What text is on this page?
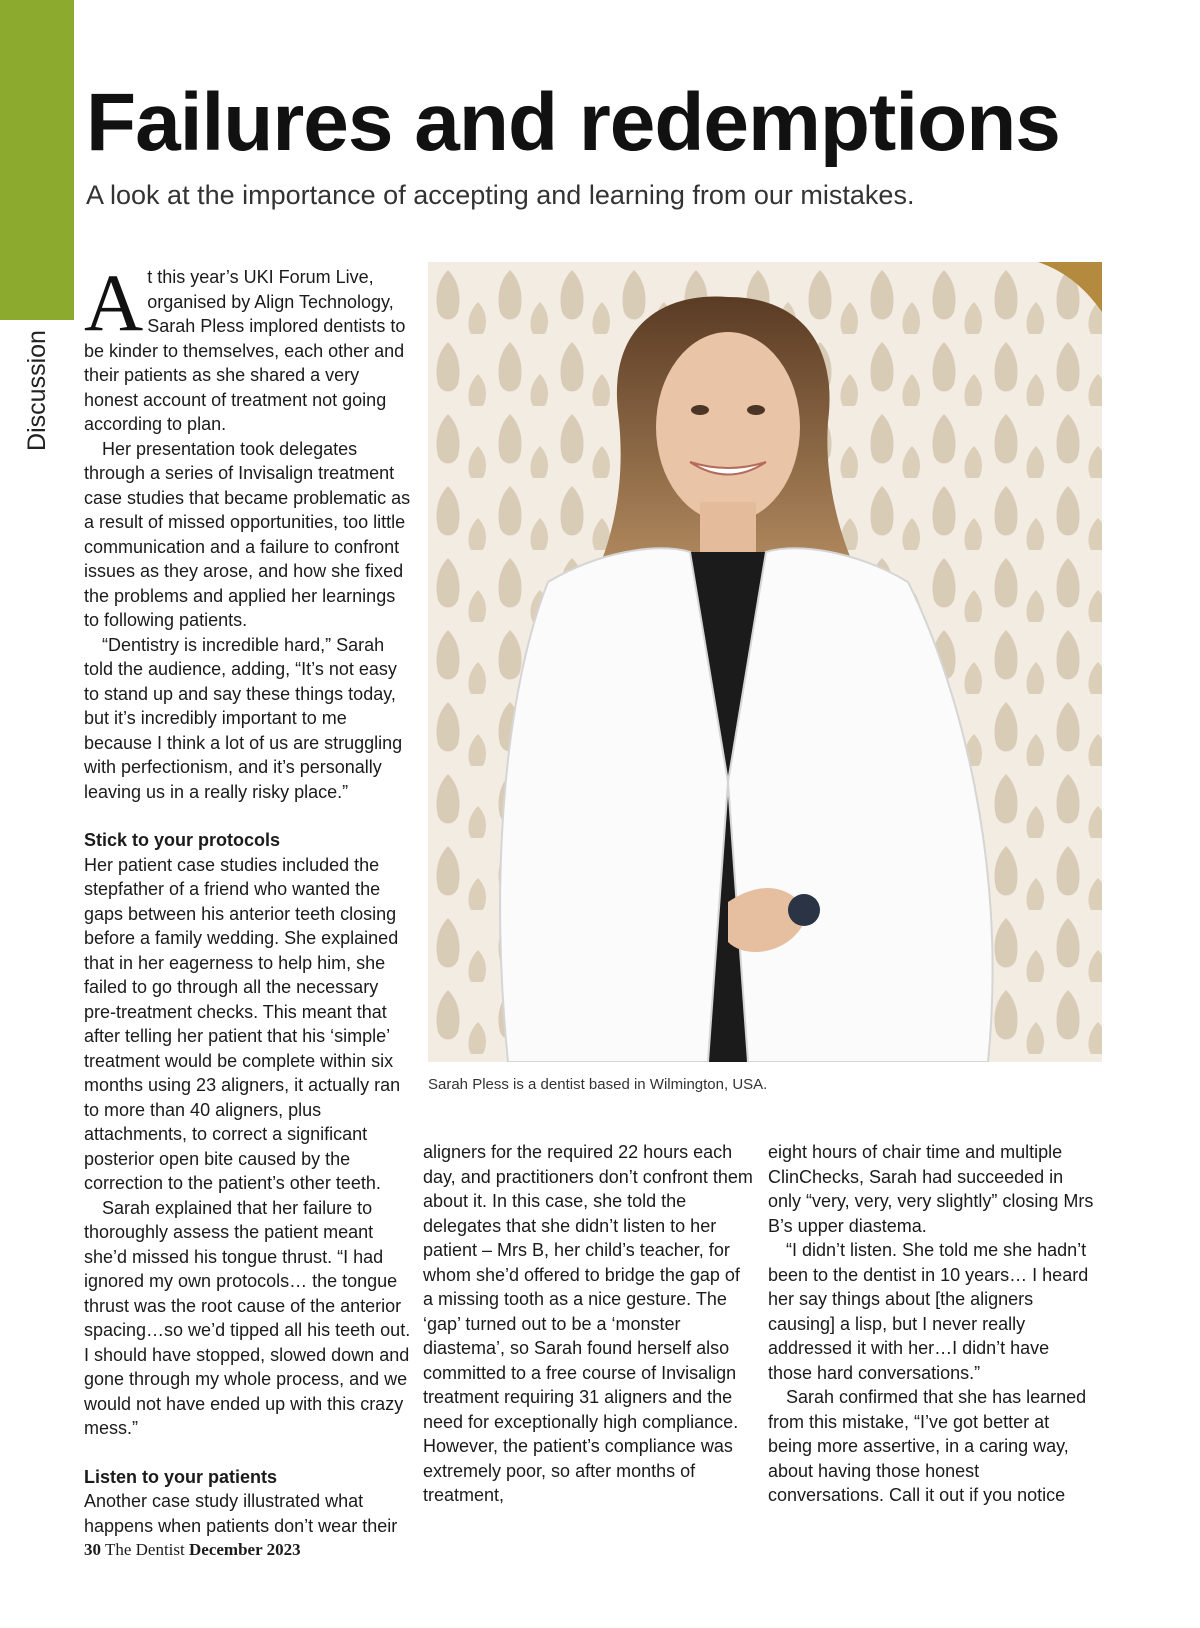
Discussion
Failures and redemptions

A look at the importance of accepting and learning from our mistakes.

At this year’s UKI Forum Live, organised by Align Technology, Sarah Pless implored dentists to be kinder to themselves, each other and their patients as she shared a very honest account of treatment not going according to plan.

Her presentation took delegates through a series of Invisalign treatment case studies that became problematic as a result of missed opportunities, too little communication and a failure to confront issues as they arose, and how she fixed the problems and applied her learnings to following patients.

“Dentistry is incredible hard,” Sarah told the audience, adding, “It’s not easy to stand up and say these things today, but it’s incredibly important to me because I think a lot of us are struggling with perfectionism, and it’s personally leaving us in a really risky place.”

Stick to your protocols

Her patient case studies included the stepfather of a friend who wanted the gaps between his anterior teeth closing before a family wedding. She explained that in her eagerness to help him, she failed to go through all the necessary pre-treatment checks. This meant that after telling her patient that his ‘simple’ treatment would be complete within six months using 23 aligners, it actually ran to more than 40 aligners, plus attachments, to correct a significant posterior open bite caused by the correction to the patient’s other teeth.

Sarah explained that her failure to thoroughly assess the patient meant she’d missed his tongue thrust. “I had ignored my own protocols… the tongue thrust was the root cause of the anterior spacing…so we’d tipped all his teeth out. I should have stopped, slowed down and gone through my whole process, and we would not have ended up with this crazy mess.”

Listen to your patients

Another case study illustrated what happens when patients don’t wear their

Sarah Pless is a dentist based in Wilmington, USA.

aligners for the required 22 hours each day, and practitioners don’t confront them about it. In this case, she told the delegates that she didn’t listen to her patient – Mrs B, her child’s teacher, for whom she’d offered to bridge the gap of a missing tooth as a nice gesture. The ‘gap’ turned out to be a ‘monster diastema’, so Sarah found herself also committed to a free course of Invisalign treatment requiring 31 aligners and the need for exceptionally high compliance. However, the patient’s compliance was extremely poor, so after months of treatment,

eight hours of chair time and multiple ClinChecks, Sarah had succeeded in only “very, very, very slightly” closing Mrs B’s upper diastema.

“I didn’t listen. She told me she hadn’t been to the dentist in 10 years… I heard her say things about [the aligners causing] a lisp, but I never really addressed it with her…I didn’t have those hard conversations.”

Sarah confirmed that she has learned from this mistake, “I’ve got better at being more assertive, in a caring way, about having those honest conversations. Call it out if you notice

30 The Dentist December 2023
